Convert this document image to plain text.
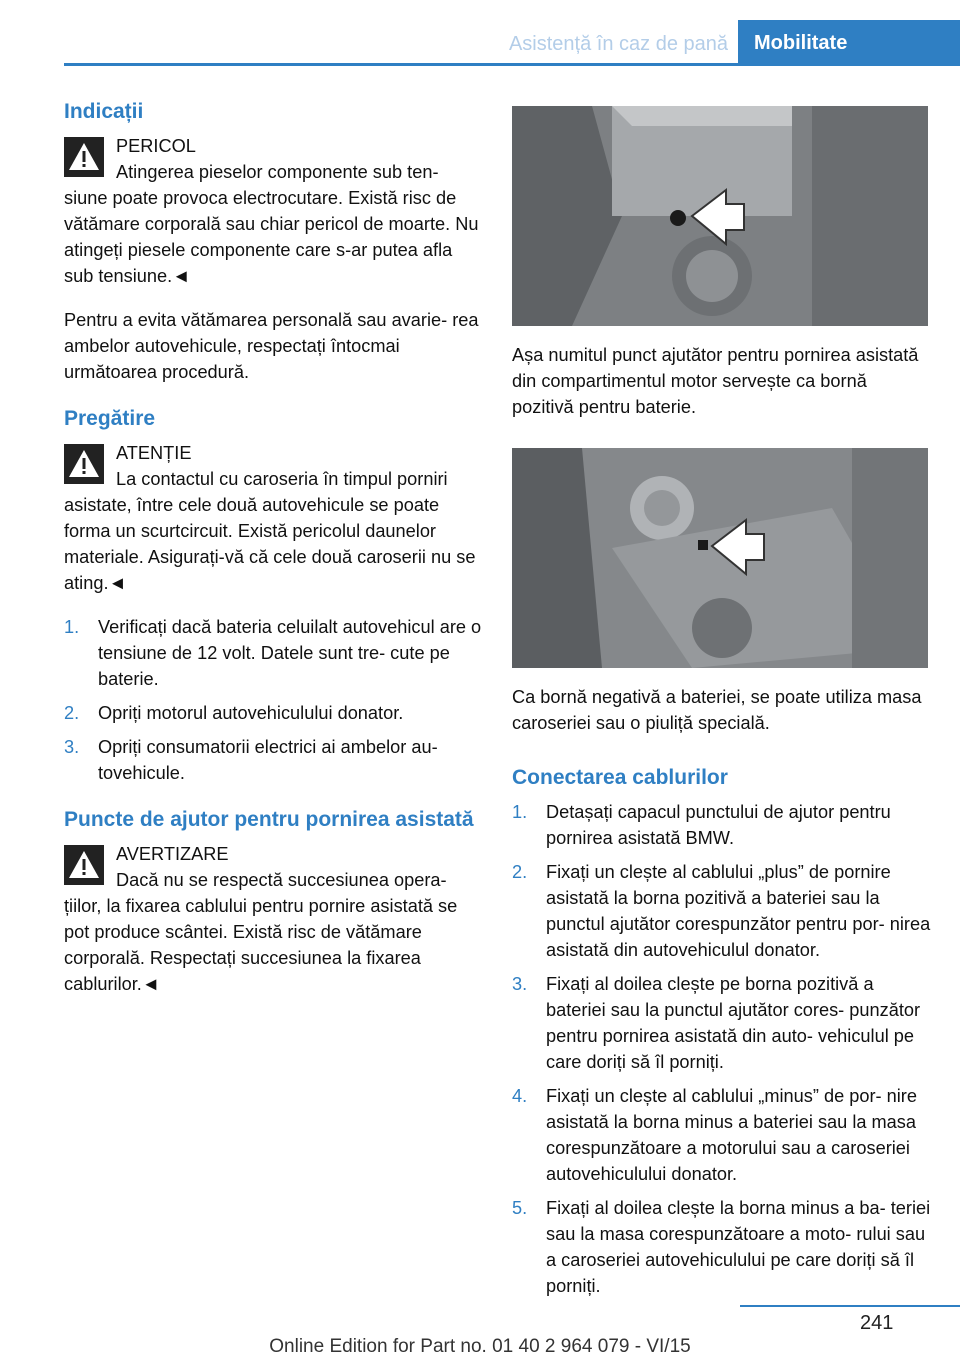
Asistență în caz de pană	Mobilitate
Indicații
PERICOL
Atingerea pieselor componente sub ten- siune poate provoca electrocutare. Există risc de vătămare corporală sau chiar pericol de moarte. Nu atingeți piesele componente care s-ar putea afla sub tensiune.◄

Pentru a evita vătămarea personală sau avarie- rea ambelor autovehicule, respectați întocmai următoarea procedură.

Pregătire
ATENȚIE
La contactul cu caroseria în timpul porniri asistate, între cele două autovehicule se poate forma un scurtcircuit. Există pericolul daunelor materiale. Asigurați-vă că cele două caroserii nu se ating.◄
1. Verificați dacă bateria celuilalt autovehicul are o tensiune de 12 volt. Datele sunt tre- cute pe baterie.
2. Opriți motorul autovehiculului donator.
3. Opriți consumatorii electrici ai ambelor au- tovehicule.
Puncte de ajutor pentru pornirea asistată
AVERTIZARE
Dacă nu se respectă succesiunea opera- țiilor, la fixarea cablului pentru pornire asistată se pot produce scântei. Există risc de vătămare corporală. Respectați succesiunea la fixarea cablurilor.◄

Așa numitul punct ajutător pentru pornirea asistată din compartimentul motor servește ca bornă pozitivă pentru baterie.

Ca bornă negativă a bateriei, se poate utiliza masa caroseriei sau o piuliță specială.

Conectarea cablurilor
1. Detașați capacul punctului de ajutor pentru pornirea asistată BMW.
2. Fixați un clește al cablului „plus” de pornire asistată la borna pozitivă a bateriei sau la punctul ajutător corespunzător pentru por- nirea asistată din autovehiculul donator.
3. Fixați al doilea clește pe borna pozitivă a bateriei sau la punctul ajutător cores- punzător pentru pornirea asistată din auto- vehiculul pe care doriți să îl porniți.
4. Fixați un clește al cablului „minus” de por- nire asistată la borna minus a bateriei sau la masa corespunzătoare a motorului sau a caroseriei autovehiculului donator.
5. Fixați al doilea clește la borna minus a ba- teriei sau la masa corespunzătoare a moto- rului sau a caroseriei autovehiculului pe care doriți să îl porniți.
241
Online Edition for Part no. 01 40 2 964 079 - VI/15
